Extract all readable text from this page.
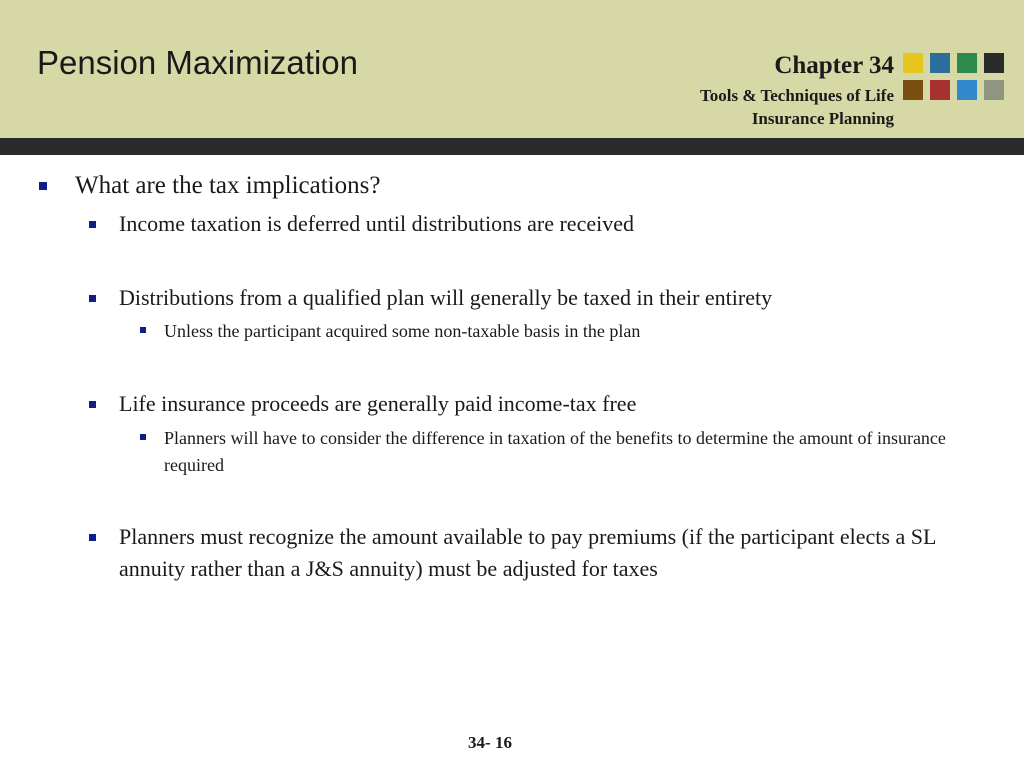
Pension Maximization	Chapter 34
Tools & Techniques of Life
Insurance Planning
What are the tax implications?
Income taxation is deferred until distributions are received
Distributions from a qualified plan will generally be taxed in their entirety
Unless the participant acquired some non-taxable basis in the plan
Life insurance proceeds are generally paid income-tax free
Planners will have to consider the difference in taxation of the benefits to determine the amount of insurance required
Planners must recognize the amount available to pay premiums (if the participant elects a SL annuity rather than a J&S annuity) must be adjusted for taxes
34- 16
